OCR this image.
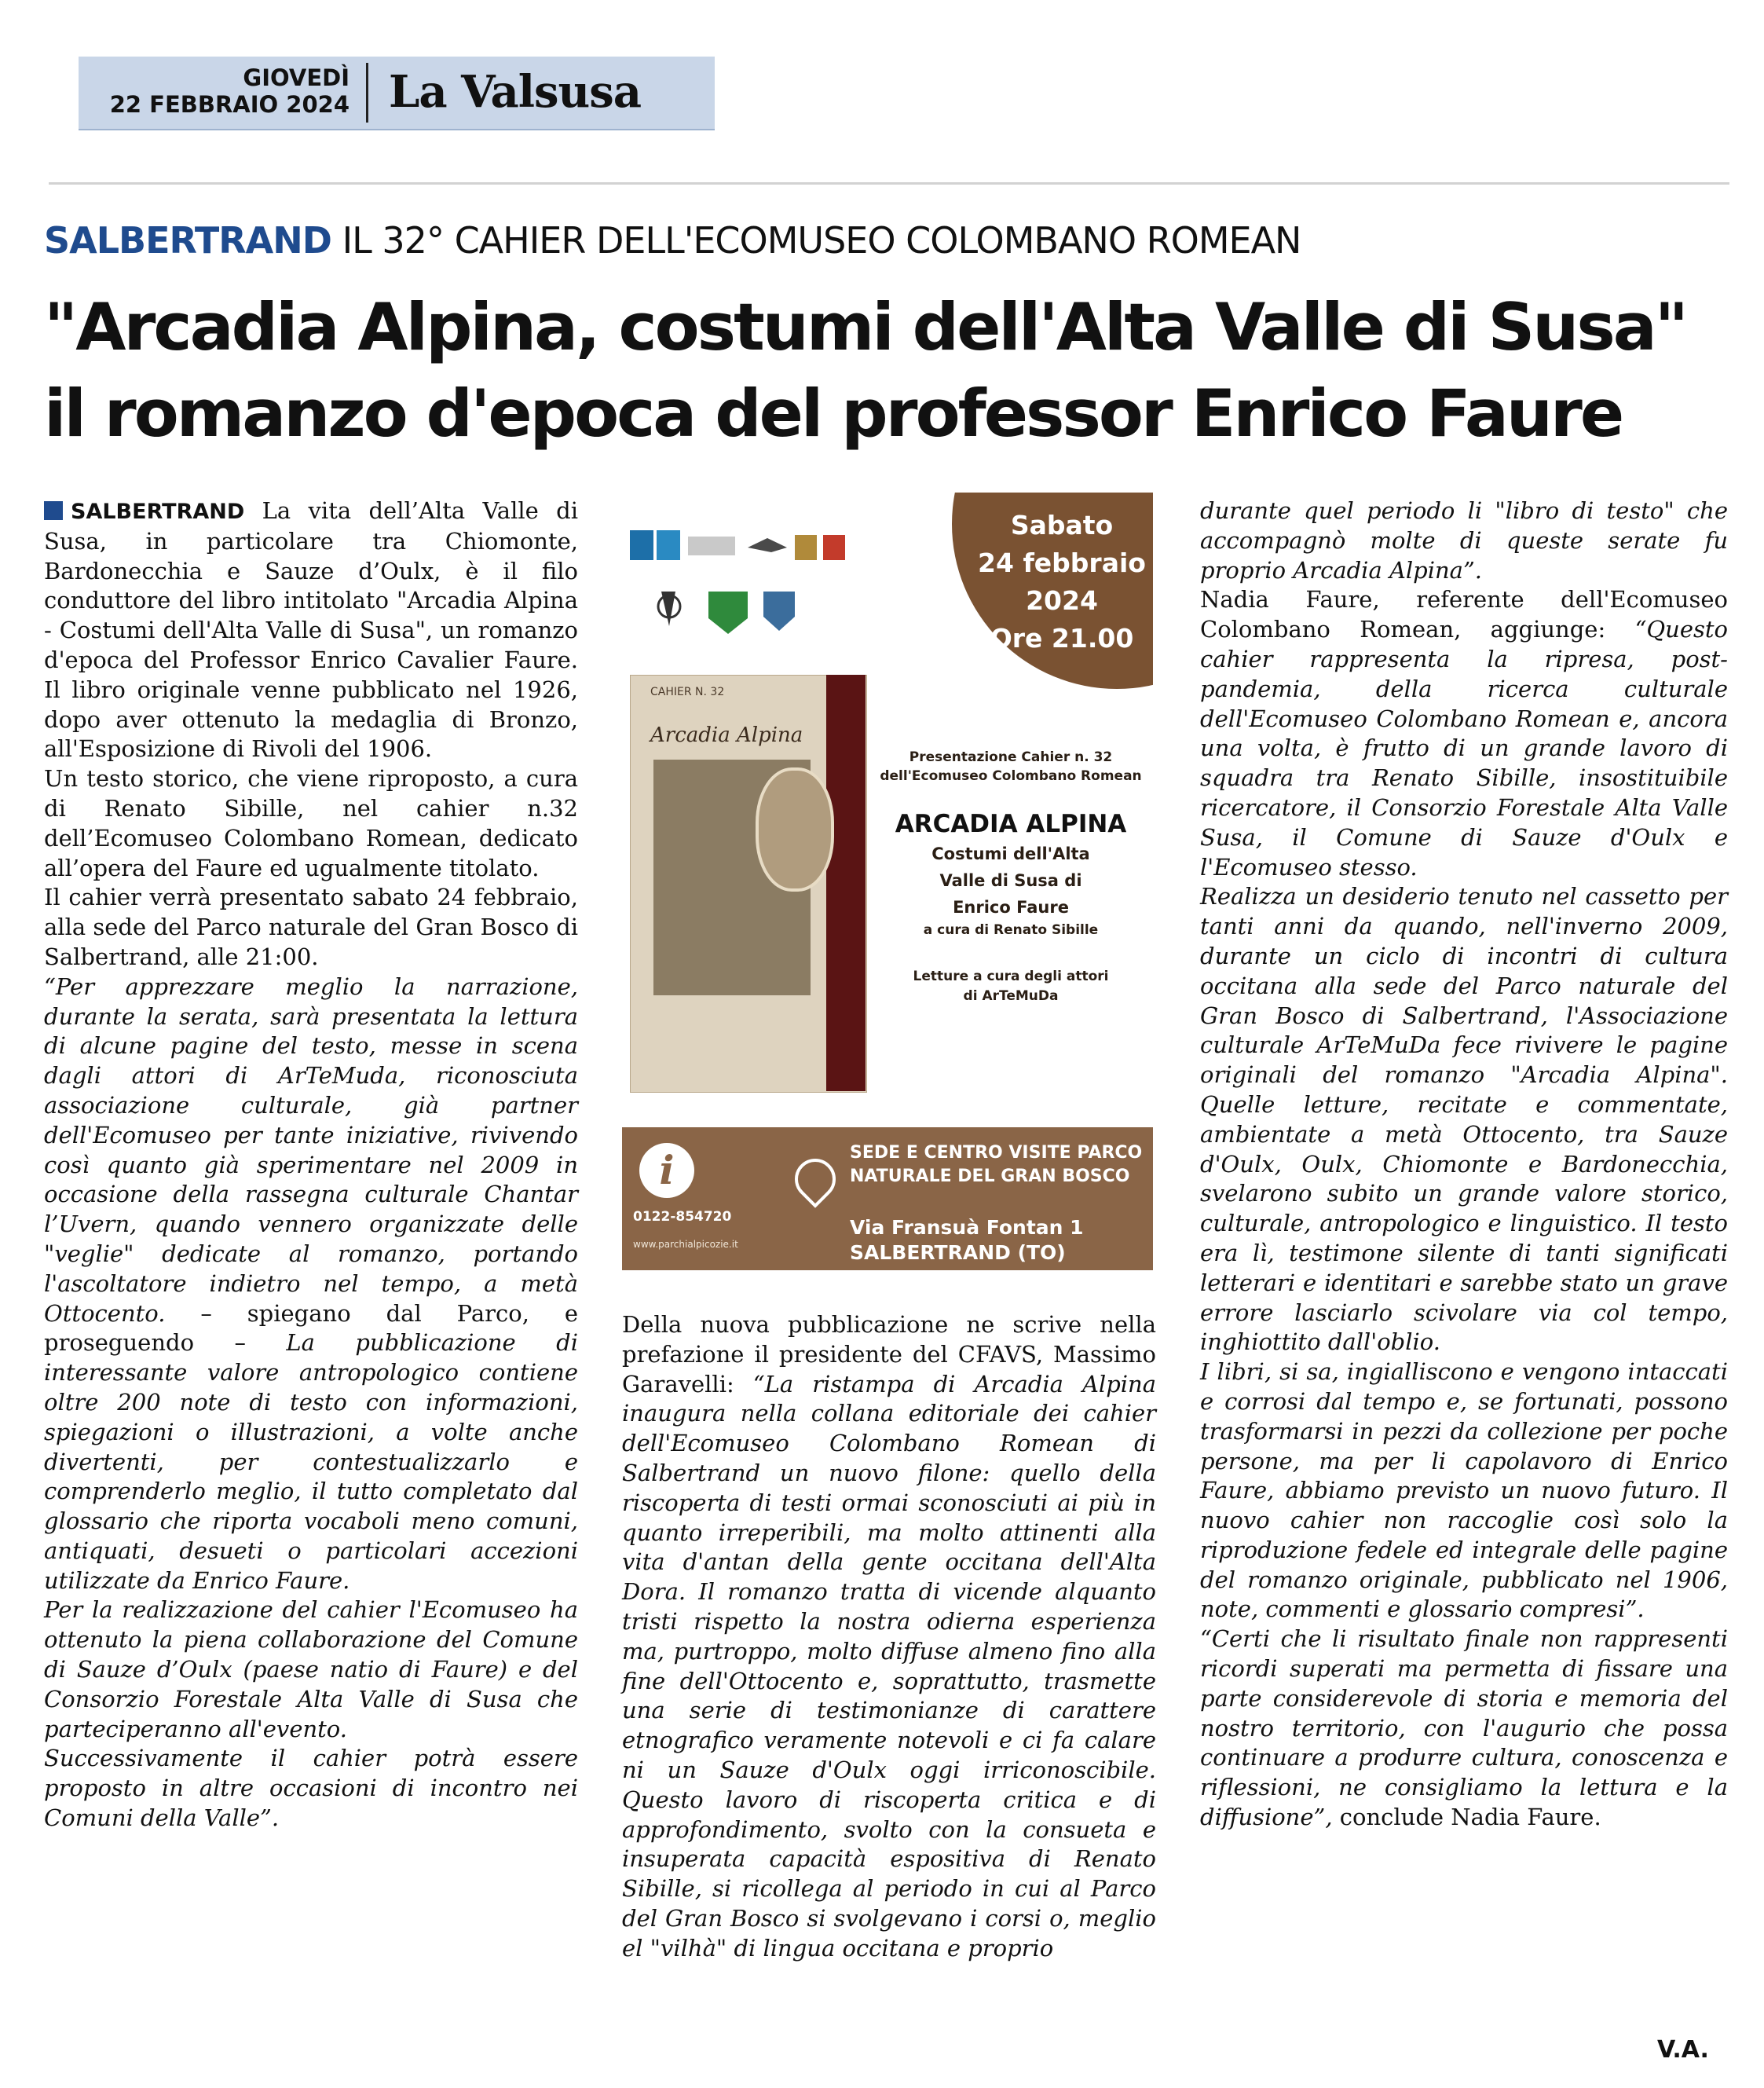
GIOVEDÌ
22 FEBBRAIO 2024 La Valsusa
SALBERTRAND IL 32° CAHIER DELL'ECOMUSEO COLOMBANO ROMEAN
"Arcadia Alpina, costumi dell'Alta Valle di Susa"
il romanzo d'epoca del professor Enrico Faure

SALBERTRAND La vita dell’Alta Valle di Susa, in particolare tra Chiomonte, Bardonecchia e Sauze d’Oulx, è il filo conduttore del libro intitolato "Arcadia Alpina - Costumi dell'Alta Valle di Susa", un romanzo d'epoca del Professor Enrico Cavalier Faure. Il libro originale venne pubblicato nel 1926, dopo aver ottenuto la medaglia di Bronzo, all'Esposizione di Rivoli del 1906.

Un testo storico, che viene riproposto, a cura di Renato Sibille, nel cahier n.32 dell’Ecomuseo Colombano Romean, dedicato all’opera del Faure ed ugualmente titolato.

Il cahier verrà presentato sabato 24 febbraio, alla sede del Parco naturale del Gran Bosco di Salbertrand, alle 21:00.

“Per apprezzare meglio la narrazione, durante la serata, sarà presentata la lettura di alcune pagine del testo, messe in scena dagli attori di ArTeMuda, riconosciuta associazione culturale, già partner dell'Ecomuseo per tante iniziative, rivivendo così quanto già sperimentare nel 2009 in occasione della rassegna culturale Chantar l’Uvern, quando vennero organizzate delle "veglie" dedicate al romanzo, portando l'ascoltatore indietro nel tempo, a metà Ottocento. – spiegano dal Parco, e proseguendo – La pubblicazione di interessante valore antropologico contiene oltre 200 note di testo con informazioni, spiegazioni o illustrazioni, a volte anche divertenti, per contestualizzarlo e comprenderlo meglio, il tutto completato dal glossario che riporta vocaboli meno comuni, antiquati, desueti o particolari accezioni utilizzate da Enrico Faure.

Per la realizzazione del cahier l'Ecomuseo ha ottenuto la piena collaborazione del Comune di Sauze d’Oulx (paese natio di Faure) e del Consorzio Forestale Alta Valle di Susa che parteciperanno all'evento.

Successivamente il cahier potrà essere proposto in altre occasioni di incontro nei Comuni della Valle”.

Sabato
24 febbraio
2024
Ore 21.00
CAHIER N. 32
Arcadia Alpina
Presentazione Cahier n. 32 dell'Ecomuseo Colombano Romean
ARCADIA ALPINA
Costumi dell'Alta
Valle di Susa di
Enrico Faure
a cura di Renato Sibille
Letture a cura degli attori
di ArTeMuDa
i
0122-854720
www.parchialpicozie.it
SEDE E CENTRO VISITE PARCO NATURALE DEL GRAN BOSCO
Via Fransuà Fontan 1
SALBERTRAND (TO)

Della nuova pubblicazione ne scrive nella prefazione il presidente del CFAVS, Massimo Garavelli: “La ristampa di Arcadia Alpina inaugura nella collana editoriale dei cahier dell'Ecomuseo Colombano Romean di Salbertrand un nuovo filone: quello della riscoperta di testi ormai sconosciuti ai più in quanto irreperibili, ma molto attinenti alla vita d'antan della gente occitana dell'Alta Dora. Il romanzo tratta di vicende alquanto tristi rispetto la nostra odierna esperienza ma, purtroppo, molto diffuse almeno fino alla fine dell'Ottocento e, soprattutto, trasmette una serie di testimonianze di carattere etnografico veramente notevoli e ci fa calare ni un Sauze d'Oulx oggi irriconoscibile. Questo lavoro di riscoperta critica e di approfondimento, svolto con la consueta e insuperata capacità espositiva di Renato Sibille, si ricollega al periodo in cui al Parco del Gran Bosco si svolgevano i corsi o, meglio el "vilhà" di lingua occitana e proprio

durante quel periodo li "libro di testo" che accompagnò molte di queste serate fu proprio Arcadia Alpina”.

Nadia Faure, referente dell'Ecomuseo Colombano Romean, aggiunge: “Questo cahier rappresenta la ripresa, post-pandemia, della ricerca culturale dell'Ecomuseo Colombano Romean e, ancora una volta, è frutto di un grande lavoro di squadra tra Renato Sibille, insostituibile ricercatore, il Consorzio Forestale Alta Valle Susa, il Comune di Sauze d'Oulx e l'Ecomuseo stesso.

Realizza un desiderio tenuto nel cassetto per tanti anni da quando, nell'inverno 2009, durante un ciclo di incontri di cultura occitana alla sede del Parco naturale del Gran Bosco di Salbertrand, l'Associazione culturale ArTeMuDa fece rivivere le pagine originali del romanzo "Arcadia Alpina". Quelle letture, recitate e commentate, ambientate a metà Ottocento, tra Sauze d'Oulx, Oulx, Chiomonte e Bardonecchia, svelarono subito un grande valore storico, culturale, antropologico e linguistico. Il testo era lì, testimone silente di tanti significati letterari e identitari e sarebbe stato un grave errore lasciarlo scivolare via col tempo, inghiottito dall'oblio.

I libri, si sa, ingialliscono e vengono intaccati e corrosi dal tempo e, se fortunati, possono trasformarsi in pezzi da collezione per poche persone, ma per li capolavoro di Enrico Faure, abbiamo previsto un nuovo futuro. Il nuovo cahier non raccoglie così solo la riproduzione fedele ed integrale delle pagine del romanzo originale, pubblicato nel 1906, note, commenti e glossario compresi”.

“Certi che li risultato finale non rappresenti ricordi superati ma permetta di fissare una parte considerevole di storia e memoria del nostro territorio, con l'augurio che possa continuare a produrre cultura, conoscenza e riflessioni, ne consigliamo la lettura e la diffusione”, conclude Nadia Faure.

V.A.
